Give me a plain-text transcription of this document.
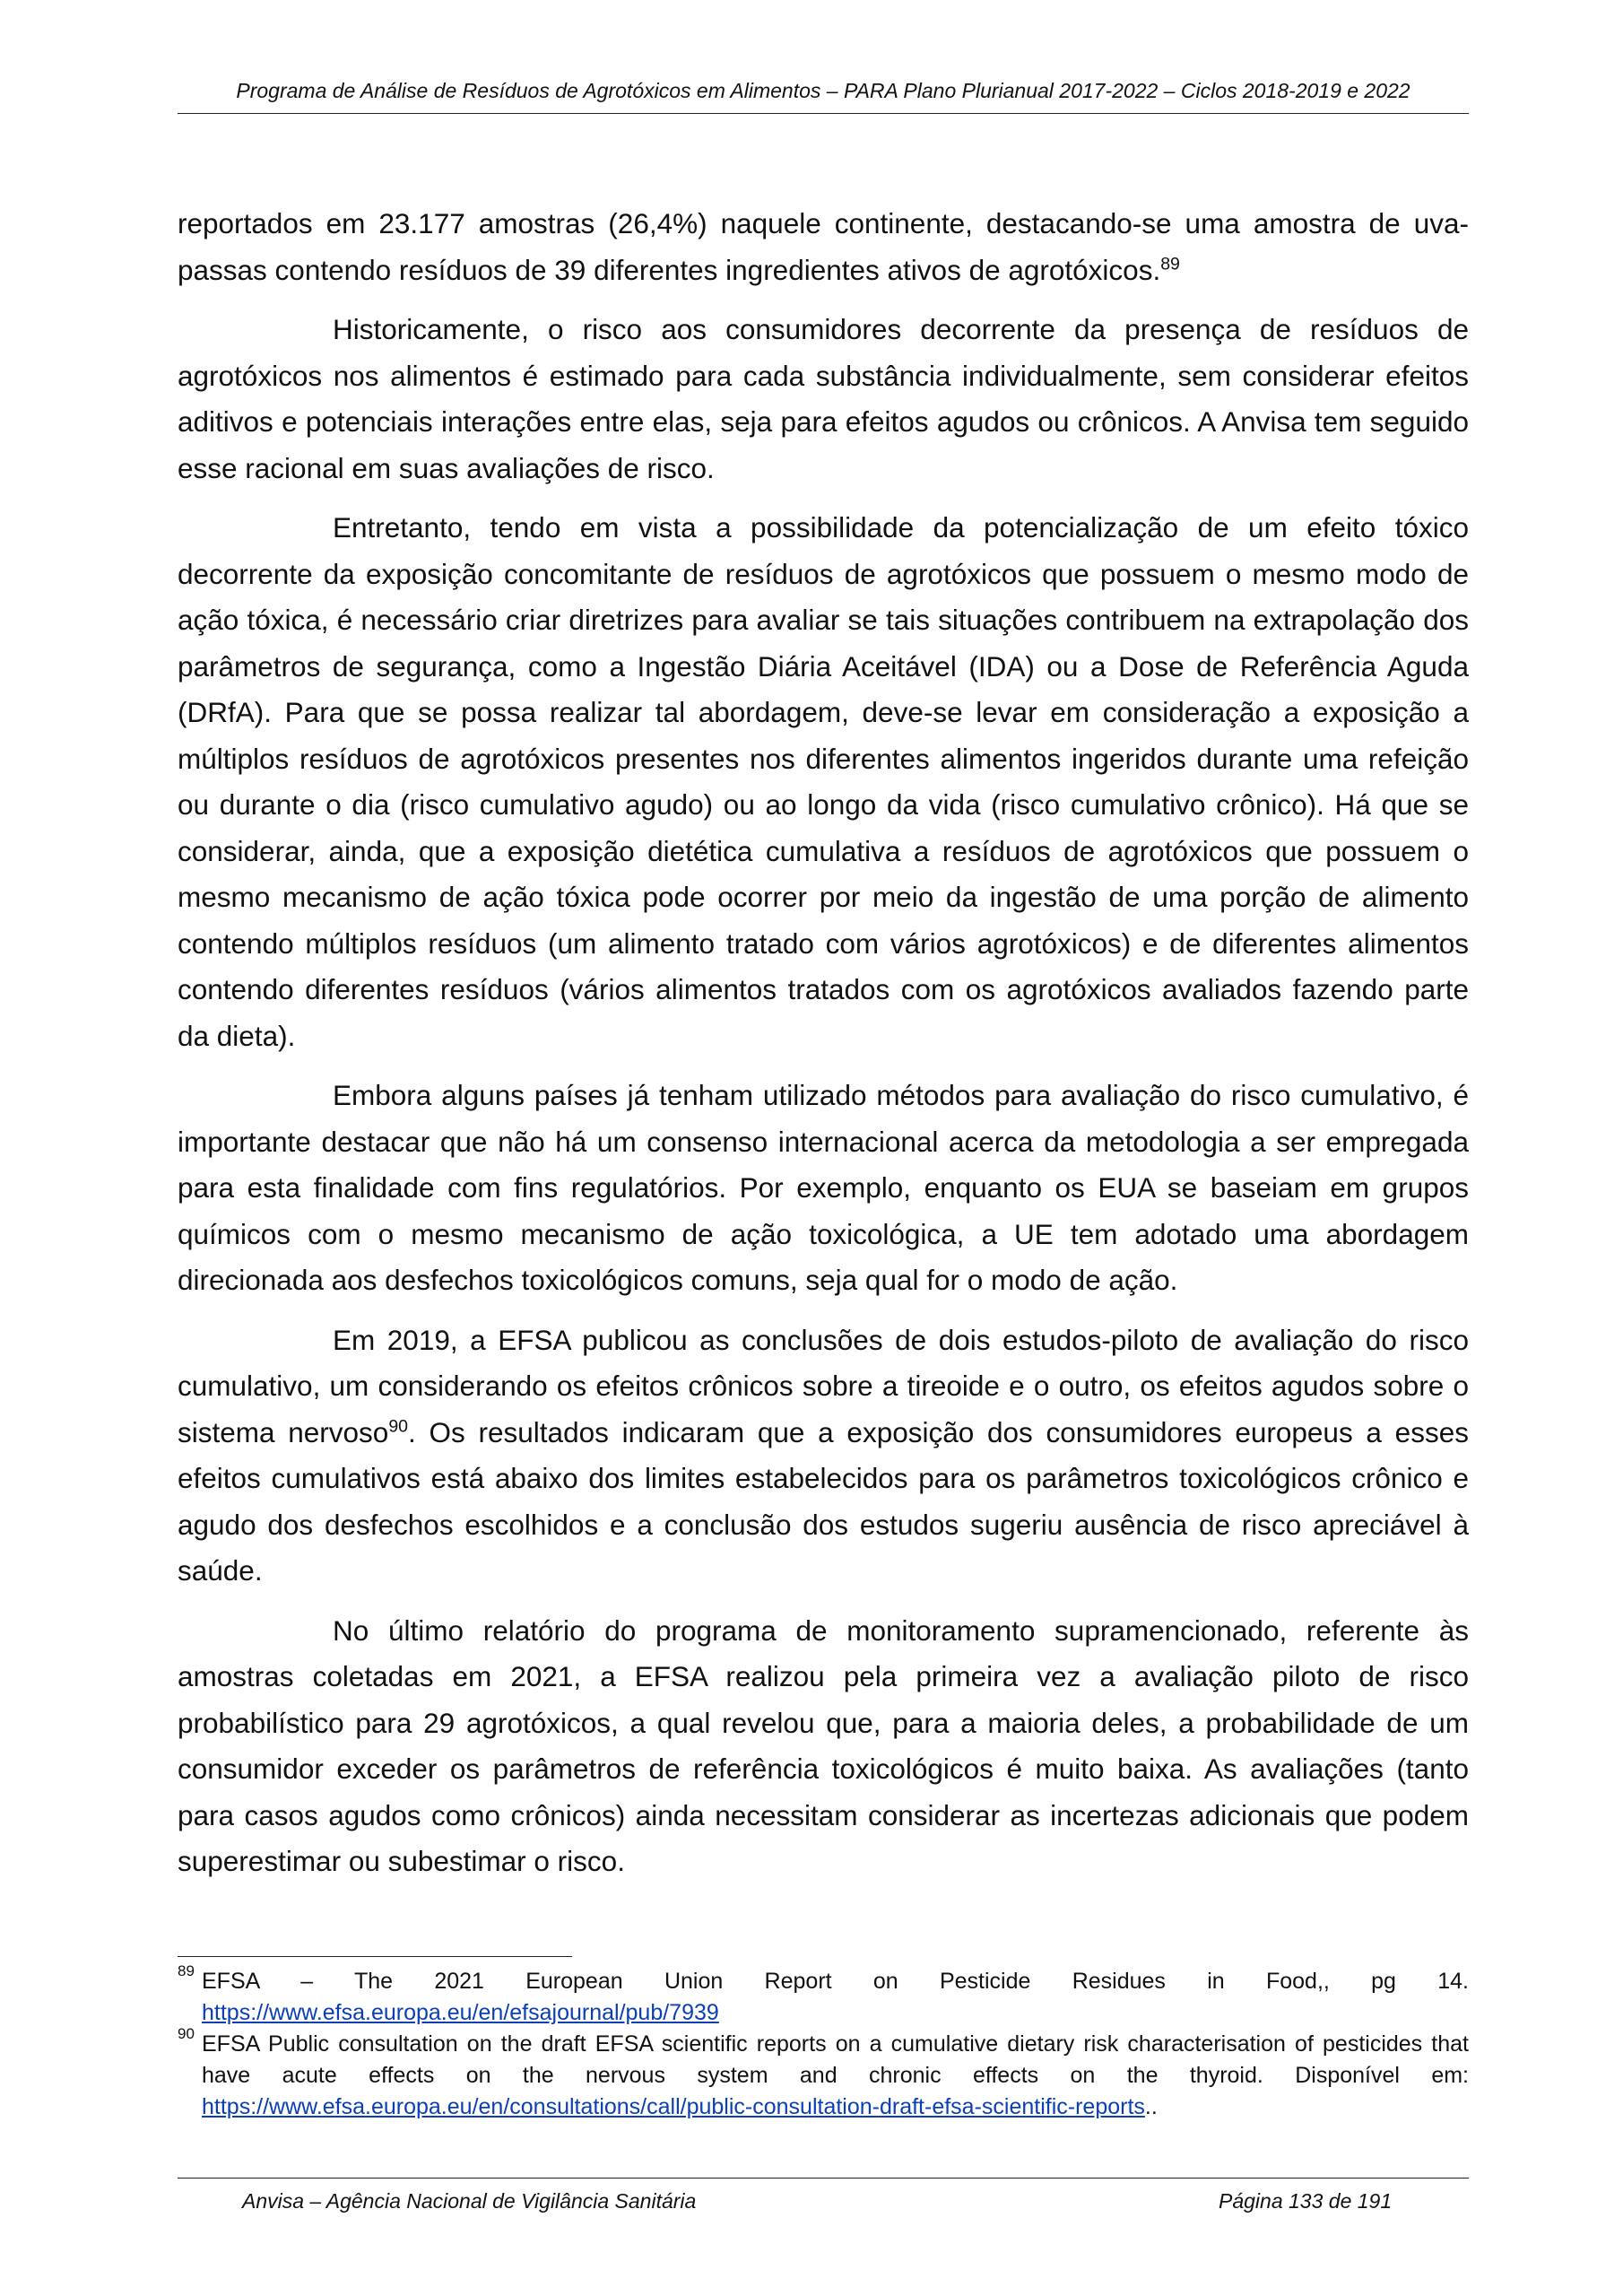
Programa de Análise de Resíduos de Agrotóxicos em Alimentos – PARA Plano Plurianual 2017-2022 – Ciclos 2018-2019 e 2022

reportados em 23.177 amostras (26,4%) naquele continente, destacando-se uma amostra de uva-passas contendo resíduos de 39 diferentes ingredientes ativos de agrotóxicos.$^{89}$

Historicamente, o risco aos consumidores decorrente da presença de resíduos de agrotóxicos nos alimentos é estimado para cada substância individualmente, sem considerar efeitos aditivos e potenciais interações entre elas, seja para efeitos agudos ou crônicos. A Anvisa tem seguido esse racional em suas avaliações de risco.

Entretanto, tendo em vista a possibilidade da potencialização de um efeito tóxico decorrente da exposição concomitante de resíduos de agrotóxicos que possuem o mesmo modo de ação tóxica, é necessário criar diretrizes para avaliar se tais situações contribuem na extrapolação dos parâmetros de segurança, como a Ingestão Diária Aceitável (IDA) ou a Dose de Referência Aguda (DRfA). Para que se possa realizar tal abordagem, deve-se levar em consideração a exposição a múltiplos resíduos de agrotóxicos presentes nos diferentes alimentos ingeridos durante uma refeição ou durante o dia (risco cumulativo agudo) ou ao longo da vida (risco cumulativo crônico). Há que se considerar, ainda, que a exposição dietética cumulativa a resíduos de agrotóxicos que possuem o mesmo mecanismo de ação tóxica pode ocorrer por meio da ingestão de uma porção de alimento contendo múltiplos resíduos (um alimento tratado com vários agrotóxicos) e de diferentes alimentos contendo diferentes resíduos (vários alimentos tratados com os agrotóxicos avaliados fazendo parte da dieta).

Embora alguns países já tenham utilizado métodos para avaliação do risco cumulativo, é importante destacar que não há um consenso internacional acerca da metodologia a ser empregada para esta finalidade com fins regulatórios. Por exemplo, enquanto os EUA se baseiam em grupos químicos com o mesmo mecanismo de ação toxicológica, a UE tem adotado uma abordagem direcionada aos desfechos toxicológicos comuns, seja qual for o modo de ação.

Em 2019, a EFSA publicou as conclusões de dois estudos-piloto de avaliação do risco cumulativo, um considerando os efeitos crônicos sobre a tireoide e o outro, os efeitos agudos sobre o sistema nervoso$^{90}$. Os resultados indicaram que a exposição dos consumidores europeus a esses efeitos cumulativos está abaixo dos limites estabelecidos para os parâmetros toxicológicos crônico e agudo dos desfechos escolhidos e a conclusão dos estudos sugeriu ausência de risco apreciável à saúde.

No último relatório do programa de monitoramento supramencionado, referente às amostras coletadas em 2021, a EFSA realizou pela primeira vez a avaliação piloto de risco probabilístico para 29 agrotóxicos, a qual revelou que, para a maioria deles, a probabilidade de um consumidor exceder os parâmetros de referência toxicológicos é muito baixa. As avaliações (tanto para casos agudos como crônicos) ainda necessitam considerar as incertezas adicionais que podem superestimar ou subestimar o risco.

89 EFSA – The 2021 European Union Report on Pesticide Residues in Food,, pg 14. https://www.efsa.europa.eu/en/efsajournal/pub/7939

90 EFSA Public consultation on the draft EFSA scientific reports on a cumulative dietary risk characterisation of pesticides that have acute effects on the nervous system and chronic effects on the thyroid. Disponível em: https://www.efsa.europa.eu/en/consultations/call/public-consultation-draft-efsa-scientific-reports..

Anvisa – Agência Nacional de Vigilância Sanitária	Página 133 de 191
